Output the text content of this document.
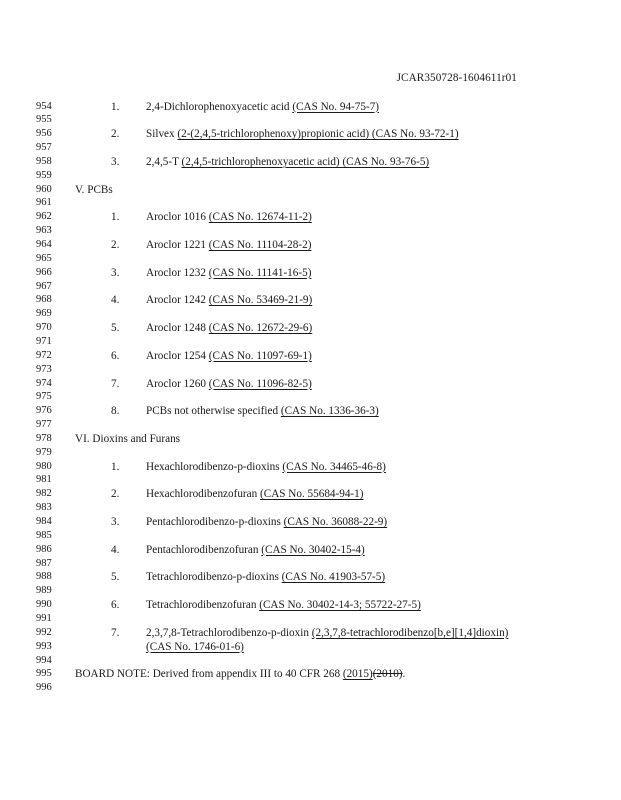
JCAR350728-1604611r01
954	1. 2,4-Dichlorophenoxyacetic acid (CAS No. 94-75-7)
955
956	2. Silvex (2-(2,4,5-trichlorophenoxy)propionic acid) (CAS No. 93-72-1)
957
958	3. 2,4,5-T (2,4,5-trichlorophenoxyacetic acid) (CAS No. 93-76-5)
959
960	V. PCBs
961
962	1. Aroclor 1016 (CAS No. 12674-11-2)
963
964	2. Aroclor 1221 (CAS No. 11104-28-2)
965
966	3. Aroclor 1232 (CAS No. 11141-16-5)
967
968	4. Aroclor 1242 (CAS No. 53469-21-9)
969
970	5. Aroclor 1248 (CAS No. 12672-29-6)
971
972	6. Aroclor 1254 (CAS No. 11097-69-1)
973
974	7. Aroclor 1260 (CAS No. 11096-82-5)
975
976	8. PCBs not otherwise specified (CAS No. 1336-36-3)
977
978	VI. Dioxins and Furans
979
980	1. Hexachlorodibenzo-p-dioxins (CAS No. 34465-46-8)
981
982	2. Hexachlorodibenzofuran (CAS No. 55684-94-1)
983
984	3. Pentachlorodibenzo-p-dioxins (CAS No. 36088-22-9)
985
986	4. Pentachlorodibenzofuran (CAS No. 30402-15-4)
987
988	5. Tetrachlorodibenzo-p-dioxins (CAS No. 41903-57-5)
989
990	6. Tetrachlorodibenzofuran (CAS No. 30402-14-3; 55722-27-5)
991
992	7. 2,3,7,8-Tetrachlorodibenzo-p-dioxin (2,3,7,8-tetrachlorodibenzo[b,e][1,4]dioxin)
993	(CAS No. 1746-01-6)
994
995	BOARD NOTE: Derived from appendix III to 40 CFR 268 (2015)(2010).
996
